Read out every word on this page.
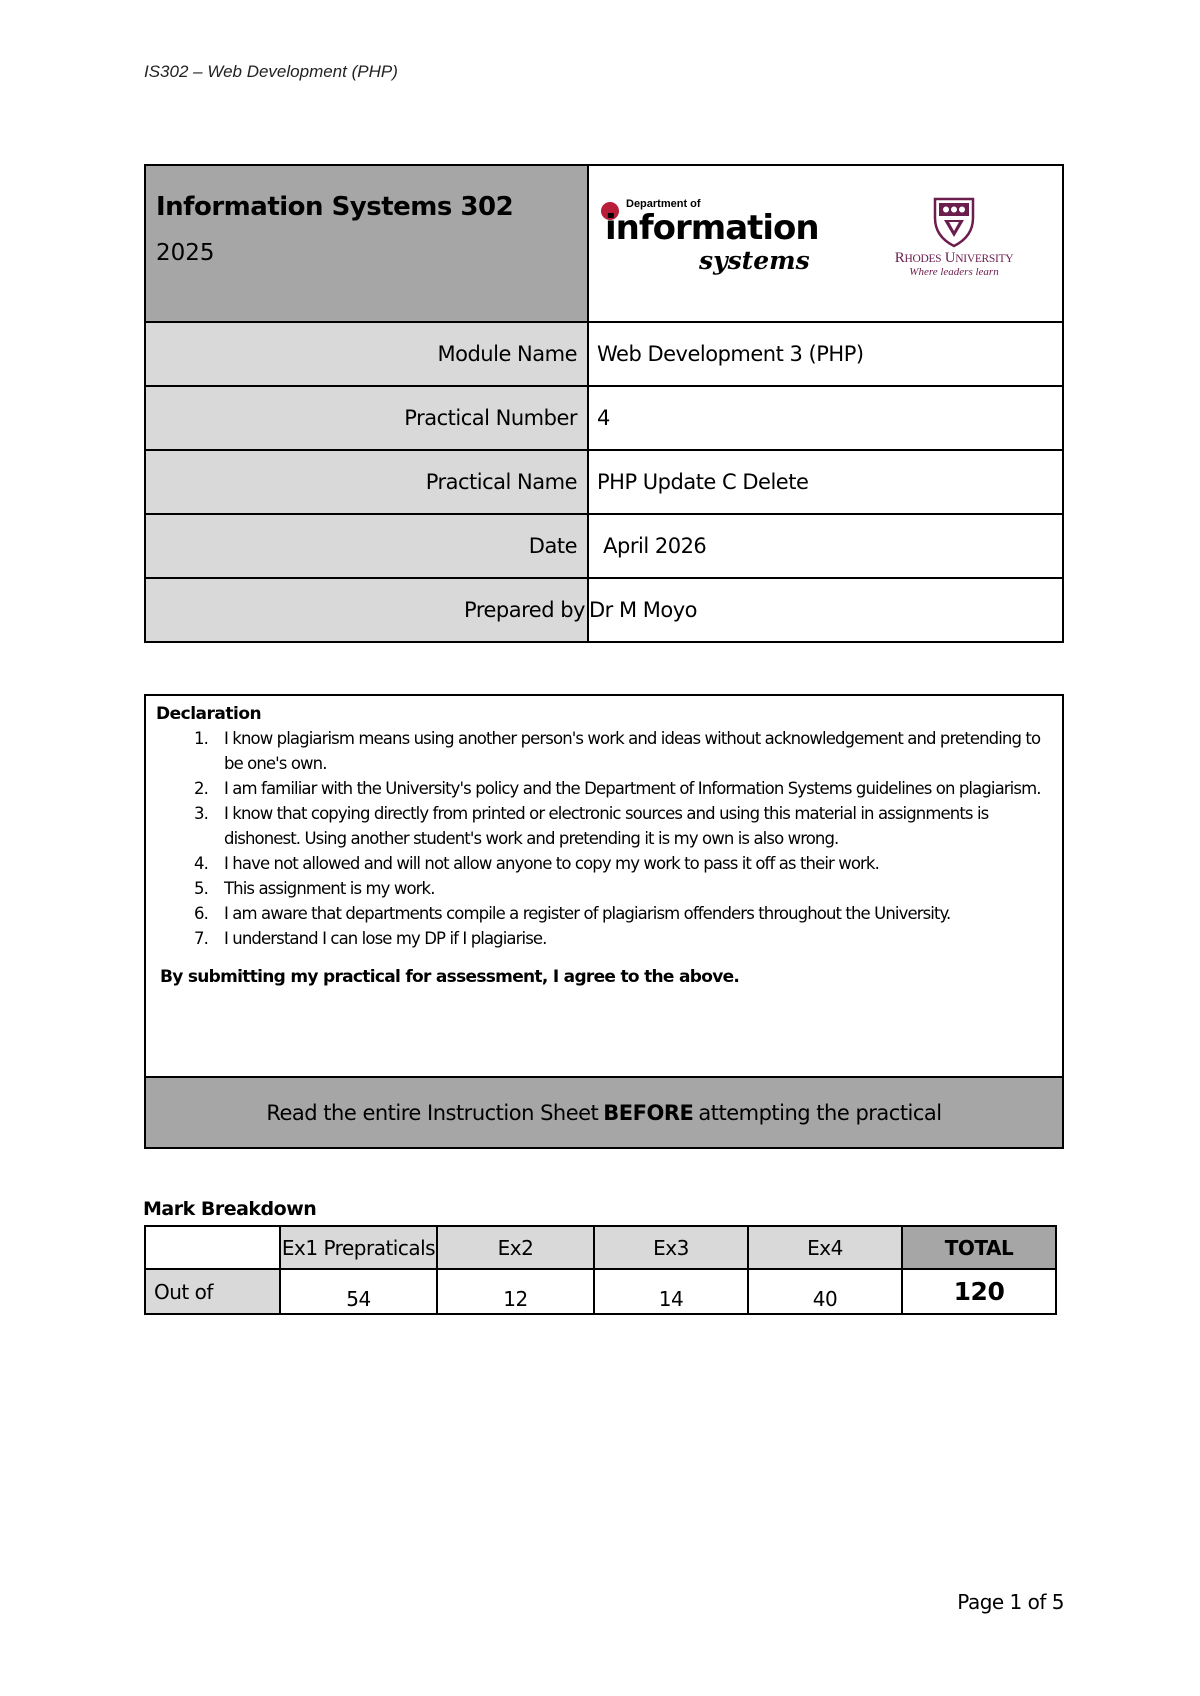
IS302 – Web Development (PHP)
Information Systems 302
2025
Department of
information
systems	RHODES UNIVERSITY
Where leaders learn
Module Name Web Development 3 (PHP)
Practical Number 4
Practical Name PHP Update C Delete
Date April 2026
Prepared by Dr M Moyo
Declaration
1. I know plagiarism means using another person's work and ideas without acknowledgement and pretending to be one's own.
2. I am familiar with the University's policy and the Department of Information Systems guidelines on plagiarism.
3. I know that copying directly from printed or electronic sources and using this material in assignments is dishonest. Using another student's work and pretending it is my own is also wrong.
4. I have not allowed and will not allow anyone to copy my work to pass it off as their work.
5. This assignment is my work.
6. I am aware that departments compile a register of plagiarism offenders throughout the University.
7. I understand I can lose my DP if I plagiarise.
By submitting my practical for assessment, I agree to the above.
Read the entire Instruction Sheet BEFORE attempting the practical
Mark Breakdown
	Ex1 Prepraticals	Ex2	Ex3	Ex4	TOTAL
Out of	54	12	14	40	120
Page 1 of 5
